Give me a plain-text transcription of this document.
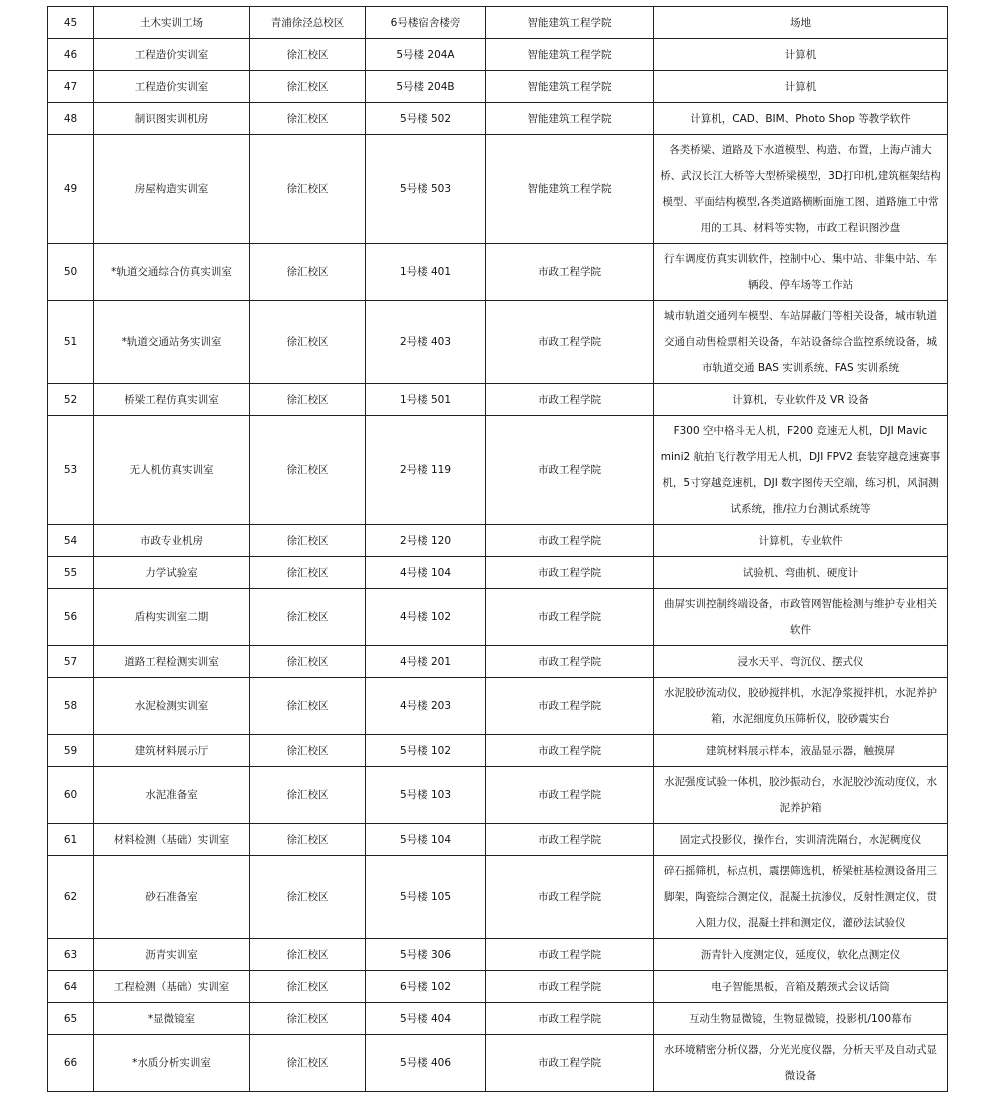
45	土木实训工场	青浦徐泾总校区	6号楼宿舍楼旁	智能建筑工程学院	场地
46	工程造价实训室	徐汇校区	5号楼 204A	智能建筑工程学院	计算机
47	工程造价实训室	徐汇校区	5号楼 204B	智能建筑工程学院	计算机
48	制识图实训机房	徐汇校区	5号楼 502	智能建筑工程学院	计算机，CAD、BIM、Photo Shop 等教学软件
49	房屋构造实训室	徐汇校区	5号楼 503	智能建筑工程学院	各类桥梁、道路及下水道模型、构造、布置，上海卢浦大桥、武汉长江大桥等大型桥梁模型，3D打印机,建筑框架结构模型、平面结构模型,各类道路横断面施工图、道路施工中常用的工具、材料等实物，市政工程识图沙盘
50	*轨道交通综合仿真实训室	徐汇校区	1号楼 401	市政工程学院	行车调度仿真实训软件，控制中心、集中站、非集中站、车辆段、停车场等工作站
51	*轨道交通站务实训室	徐汇校区	2号楼 403	市政工程学院	城市轨道交通列车模型、车站屏蔽门等相关设备，城市轨道交通自动售检票相关设备，车站设备综合监控系统设备，城市轨道交通 BAS 实训系统、FAS 实训系统
52	桥梁工程仿真实训室	徐汇校区	1号楼 501	市政工程学院	计算机，专业软件及 VR 设备
53	无人机仿真实训室	徐汇校区	2号楼 119	市政工程学院	F300 空中格斗无人机，F200 竞速无人机，DJI Mavic mini2 航拍飞行教学用无人机，DJI FPV2 套装穿越竞速赛事机，5寸穿越竞速机，DJI 数字图传天空端，练习机，风洞测试系统，推/拉力台测试系统等
54	市政专业机房	徐汇校区	2号楼 120	市政工程学院	计算机，专业软件
55	力学试验室	徐汇校区	4号楼 104	市政工程学院	试验机、弯曲机、硬度计
56	盾构实训室二期	徐汇校区	4号楼 102	市政工程学院	曲屏实训控制终端设备，市政管网智能检测与维护专业相关软件
57	道路工程检测实训室	徐汇校区	4号楼 201	市政工程学院	浸水天平、弯沉仪、摆式仪
58	水泥检测实训室	徐汇校区	4号楼 203	市政工程学院	水泥胶砂流动仪，胶砂搅拌机，水泥净浆搅拌机，水泥养护箱，水泥细度负压筛析仪，胶砂震实台
59	建筑材料展示厅	徐汇校区	5号楼 102	市政工程学院	建筑材料展示样本，液晶显示器，触摸屏
60	水泥准备室	徐汇校区	5号楼 103	市政工程学院	水泥强度试验一体机，胶沙振动台，水泥胶沙流动度仪，水泥养护箱
61	材料检测（基础）实训室	徐汇校区	5号楼 104	市政工程学院	固定式投影仪，操作台，实训清洗隔台，水泥稠度仪
62	砂石准备室	徐汇校区	5号楼 105	市政工程学院	碎石摇筛机，标点机，震摆筛选机，桥梁桩基检测设备用三脚架，陶瓷综合测定仪，混凝土抗渗仪，反射性测定仪，贯入阻力仪，混凝土拌和测定仪，灌砂法试验仪
63	沥青实训室	徐汇校区	5号楼 306	市政工程学院	沥青针入度测定仪，延度仪，软化点测定仪
64	工程检测（基础）实训室	徐汇校区	6号楼 102	市政工程学院	电子智能黑板，音箱及鹅颈式会议话筒
65	*显微镜室	徐汇校区	5号楼 404	市政工程学院	互动生物显微镜，生物显微镜，投影机/100幕布
66	*水质分析实训室	徐汇校区	5号楼 406	市政工程学院	水环境精密分析仪器，分光光度仪器，分析天平及自动式显微设备
